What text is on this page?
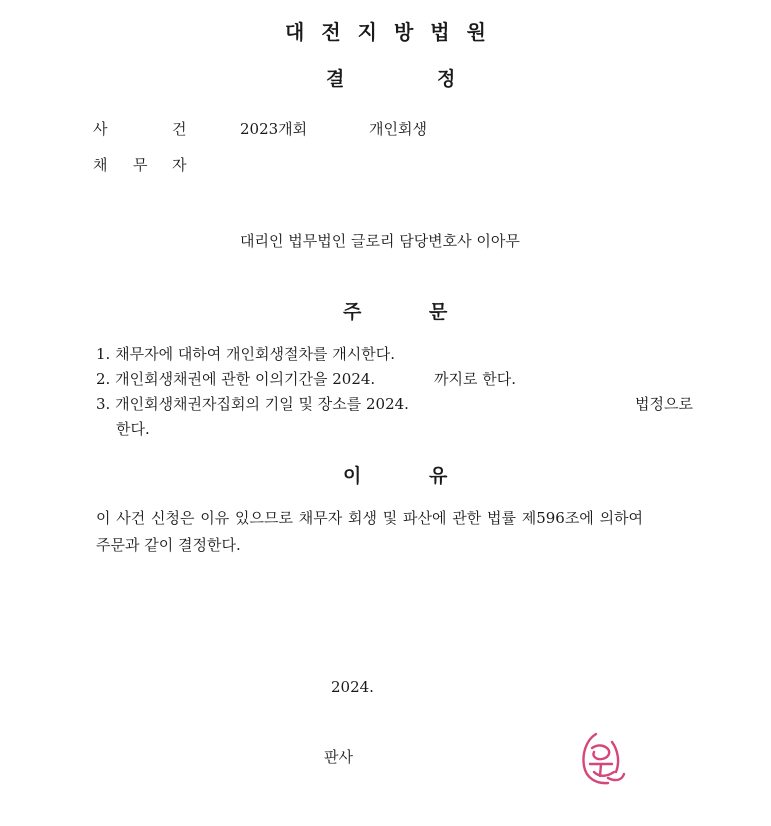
대전지방법원
결	정
사	건	2023개회	개인회생
채 무 자
대리인 법무법인 글로리 담당변호사 이아무
주	문
1. 채무자에 대하여 개인회생절차를 개시한다.
2. 개인회생채권에 관한 이의기간을 2024.	까지로 한다.
3. 개인회생채권자집회의 기일 및 장소를 2024.	법정으로
한다.
이	유
이 사건 신청은 이유 있으므로 채무자 회생 및 파산에 관한 법률 제596조에 의하여
주문과 같이 결정한다.
2024.
판사
